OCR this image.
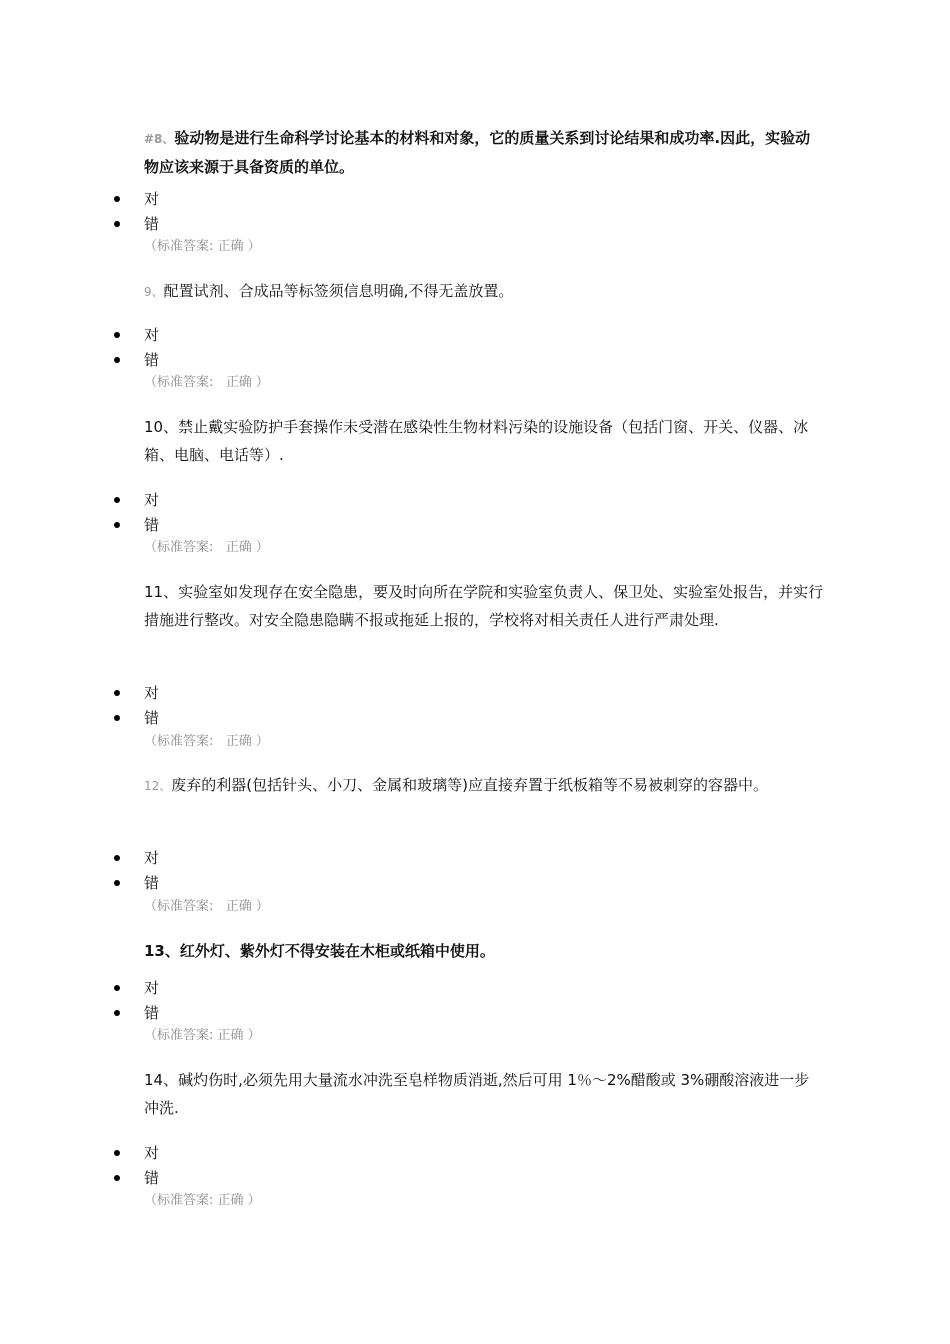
#8、验动物是进行生命科学讨论基本的材料和对象，它的质量关系到讨论结果和成功率.因此，实验动物应该来源于具备资质的单位。

对

错

（标准答案: 正确 ）

9、配置试剂、合成品等标签须信息明确,不得无盖放置。

对

错

（标准答案:   正确 ）

10、禁止戴实验防护手套操作未受潜在感染性生物材料污染的设施设备（包括门窗、开关、仪器、冰箱、电脑、电话等）.

对

错

（标准答案:   正确 ）

11、实验室如发现存在安全隐患，要及时向所在学院和实验室负责人、保卫处、实验室处报告，并实行措施进行整改。对安全隐患隐瞒不报或拖延上报的，学校将对相关责任人进行严肃处理.

对

错

（标准答案:   正确 ）

12、废弃的利器(包括针头、小刀、金属和玻璃等)应直接弃置于纸板箱等不易被刺穿的容器中。

对

错

（标准答案:   正确 ）

13、红外灯、紫外灯不得安装在木柜或纸箱中使用。

对

错

（标准答案: 正确 ）

14、碱灼伤时,必须先用大量流水冲洗至皂样物质消逝,然后可用 1％～2%醋酸或 3%硼酸溶液进一步冲洗.

对

错

（标准答案: 正确 ）
